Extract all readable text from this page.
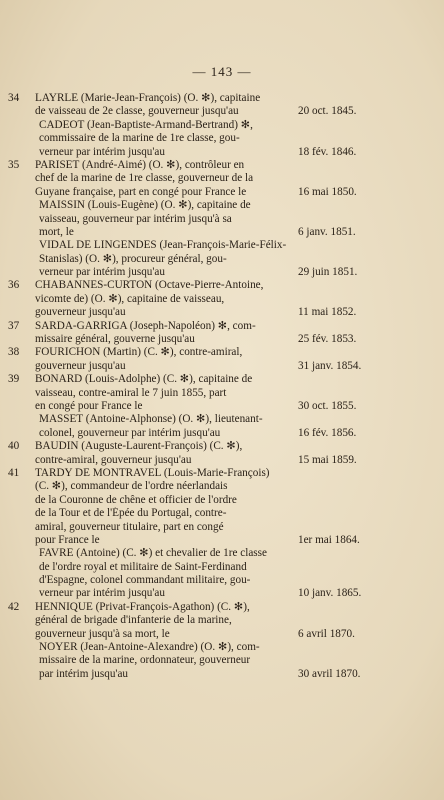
— 143 —
34	LAYRLE (Marie-Jean-François) (O. ✻), capitaine
de vaisseau de 2e classe, gouverneur jusqu'au	20 oct. 1845.
CADEOT (Jean-Baptiste-Armand-Bertrand) ✻,
commissaire de la marine de 1re classe, gou-
verneur par intérim jusqu'au	18 fév. 1846.
35	PARISET (André-Aimé) (O. ✻), contrôleur en
chef de la marine de 1re classe, gouverneur de la
Guyane française, part en congé pour France le	16 mai 1850.
MAISSIN (Louis-Eugène) (O. ✻), capitaine de
vaisseau, gouverneur par intérim jusqu'à sa
mort, le	6 janv. 1851.
VIDAL DE LINGENDES (Jean-François-Marie-Félix-
Stanislas) (O. ✻), procureur général, gou-
verneur par intérim jusqu'au	29 juin 1851.
36	CHABANNES-CURTON (Octave-Pierre-Antoine,
vicomte de) (O. ✻), capitaine de vaisseau,
gouverneur jusqu'au	11 mai 1852.
37	SARDA-GARRIGA (Joseph-Napoléon) ✻, com-
missaire général, gouverne jusqu'au	25 fév. 1853.
38	FOURICHON (Martin) (C. ✻), contre-amiral,
gouverneur jusqu'au	31 janv. 1854.
39	BONARD (Louis-Adolphe) (C. ✻), capitaine de
vaisseau, contre-amiral le 7 juin 1855, part
en congé pour France le	30 oct. 1855.
MASSET (Antoine-Alphonse) (O. ✻), lieutenant-
colonel, gouverneur par intérim jusqu'au	16 fév. 1856.
40	BAUDIN (Auguste-Laurent-François) (C. ✻),
contre-amiral, gouverneur jusqu'au	15 mai 1859.
41	TARDY DE MONTRAVEL (Louis-Marie-François)
(C. ✻), commandeur de l'ordre néerlandais
de la Couronne de chêne et officier de l'ordre
de la Tour et de l'Épée du Portugal, contre-
amiral, gouverneur titulaire, part en congé
pour France le	1er mai 1864.
FAVRE (Antoine) (C. ✻) et chevalier de 1re classe
de l'ordre royal et militaire de Saint-Ferdinand
d'Espagne, colonel commandant militaire, gou-
verneur par intérim jusqu'au	10 janv. 1865.
42	HENNIQUE (Privat-François-Agathon) (C. ✻),
général de brigade d'infanterie de la marine,
gouverneur jusqu'à sa mort, le	6 avril 1870.
NOYER (Jean-Antoine-Alexandre) (O. ✻), com-
missaire de la marine, ordonnateur, gouverneur
par intérim jusqu'au	30 avril 1870.
